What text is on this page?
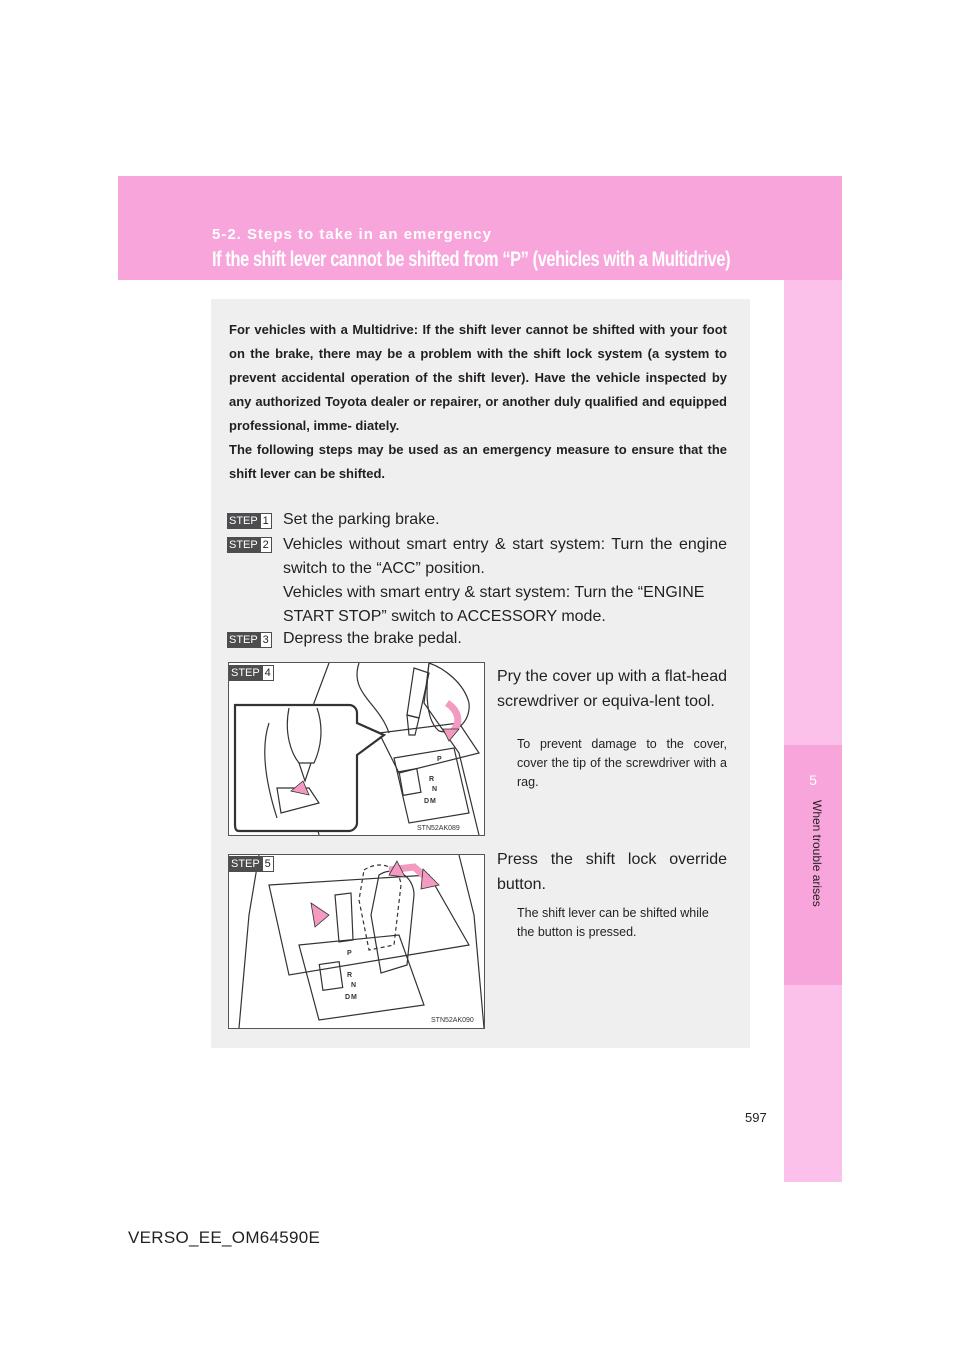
5-2. Steps to take in an emergency
If the shift lever cannot be shifted from “P” (vehicles with a Multidrive)
5
When trouble arises

For vehicles with a Multidrive: If the shift lever cannot be shifted with your foot on the brake, there may be a problem with the shift lock system (a system to prevent accidental operation of the shift lever). Have the vehicle inspected by any authorized Toyota dealer or repairer, or another duly qualified and equipped professional, imme- diately.

The following steps may be used as an emergency measure to ensure that the shift lever can be shifted.

STEP 1 Set the parking brake.
STEP 2 Vehicles without smart entry & start system: Turn the engine switch to the “ACC” position.
Vehicles with smart entry & start system: Turn the “ENGINE START STOP” switch to ACCESSORY mode.
STEP 3 Depress the brake pedal.
P
R
N
D M
STN52AK089
STEP 4	Pry the cover up with a flat-head screwdriver or equiva-lent tool.
To prevent damage to the cover, cover the tip of the screwdriver with a rag.
P
R
N
D M
STN52AK090
STEP 5	Press the shift lock override button.
The shift lever can be shifted while the button is pressed.
597
VERSO_EE_OM64590E
